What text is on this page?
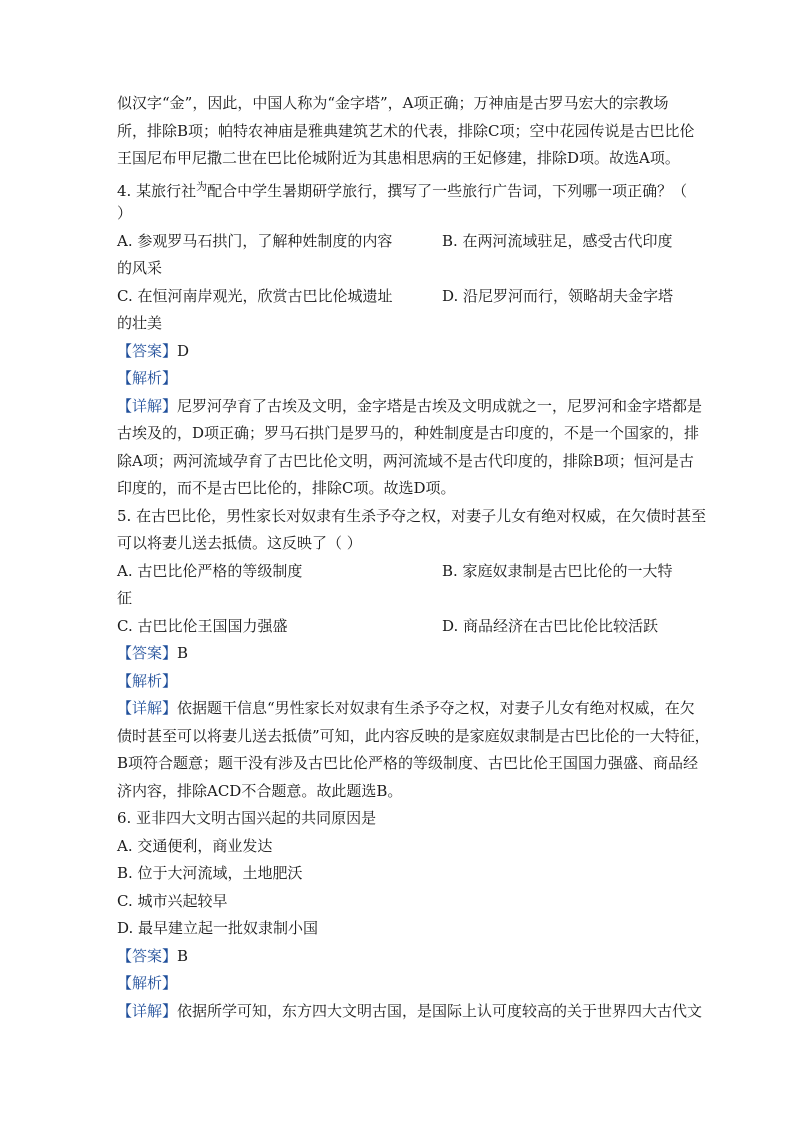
似汉字“金”，因此，中国人称为“金字塔”，A项正确；万神庙是古罗马宏大的宗教场
所，排除B项；帕特农神庙是雅典建筑艺术的代表，排除C项；空中花园传说是古巴比伦
王国尼布甲尼撒二世在巴比伦城附近为其患相思病的王妃修建，排除D项。故选A项。
4. 某旅行社$^为$配合中学生暑期研学旅行，撰写了一些旅行广告词，下列哪一项正确？（
）
A. 参观罗马石拱门，了解种姓制度的内容	B. 在两河流域驻足，感受古代印度
的风采
C. 在恒河南岸观光，欣赏古巴比伦城遗址	D. 沿尼罗河而行，领略胡夫金字塔
的壮美
【答案】D
【解析】
【详解】尼罗河孕育了古埃及文明，金字塔是古埃及文明成就之一，尼罗河和金字塔都是
古埃及的，D项正确；罗马石拱门是罗马的，种姓制度是古印度的，不是一个国家的，排
除A项；两河流域孕育了古巴比伦文明，两河流域不是古代印度的，排除B项；恒河是古
印度的，而不是古巴比伦的，排除C项。故选D项。
5. 在古巴比伦，男性家长对奴隶有生杀予夺之权，对妻子儿女有绝对权威，在欠债时甚至
可以将妻儿送去抵债。这反映了（ ）
A. 古巴比伦严格的等级制度	B. 家庭奴隶制是古巴比伦的一大特
征
C. 古巴比伦王国国力强盛	D. 商品经济在古巴比伦比较活跃
【答案】B
【解析】
【详解】依据题干信息“男性家长对奴隶有生杀予夺之权，对妻子儿女有绝对权威，在欠
债时甚至可以将妻儿送去抵债”可知，此内容反映的是家庭奴隶制是古巴比伦的一大特征，
B项符合题意；题干没有涉及古巴比伦严格的等级制度、古巴比伦王国国力强盛、商品经
济内容，排除ACD不合题意。故此题选B。
6. 亚非四大文明古国兴起的共同原因是
A. 交通便利，商业发达
B. 位于大河流域，土地肥沃
C. 城市兴起较早
D. 最早建立起一批奴隶制小国
【答案】B
【解析】
【详解】依据所学可知，东方四大文明古国，是国际上认可度较高的关于世界四大古代文
